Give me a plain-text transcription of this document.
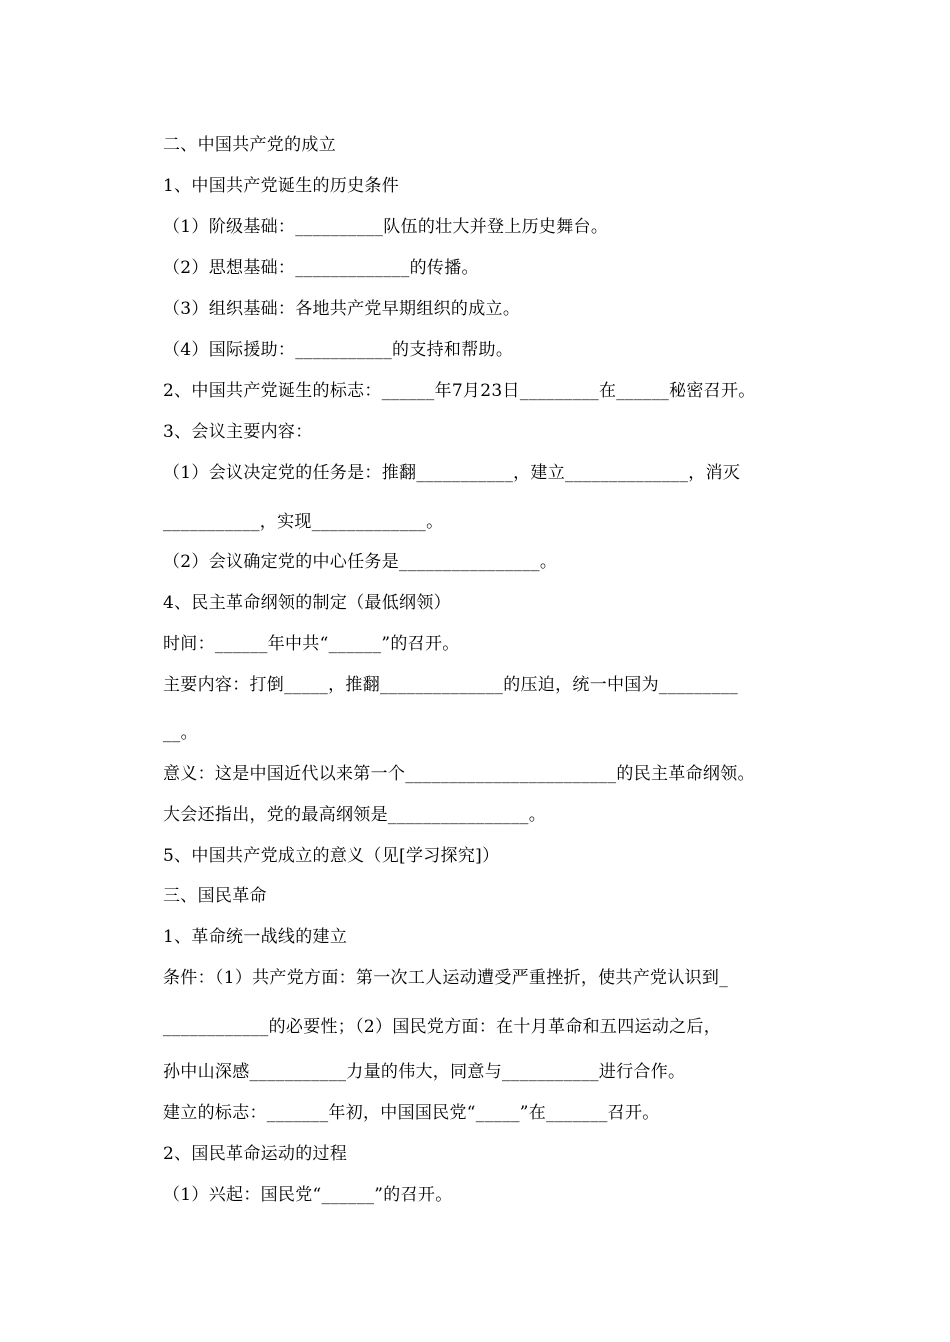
二、中国共产党的成立
1、中国共产党诞生的历史条件
（1）阶级基础：__________队伍的壮大并登上历史舞台。
（2）思想基础：_____________的传播。
（3）组织基础：各地共产党早期组织的成立。
（4）国际援助：___________的支持和帮助。
2、中国共产党诞生的标志：______年7月23日_________在______秘密召开。
3、会议主要内容：
（1）会议决定党的任务是：推翻___________，建立______________，消灭
___________，实现_____________。
（2）会议确定党的中心任务是________________。
4、民主革命纲领的制定（最低纲领）
时间：______年中共“______”的召开。
主要内容：打倒_____，推翻______________的压迫，统一中国为_________
__。
意义：这是中国近代以来第一个________________________的民主革命纲领。
大会还指出，党的最高纲领是________________。
5、中国共产党成立的意义（见[学习探究]）
三、国民革命
1、革命统一战线的建立
条件：（1）共产党方面：第一次工人运动遭受严重挫折，使共产党认识到_
____________的必要性；（2）国民党方面：在十月革命和五四运动之后，
孙中山深感___________力量的伟大，同意与___________进行合作。
建立的标志：_______年初，中国国民党“_____”在_______召开。
2、国民革命运动的过程
（1）兴起：国民党“______”的召开。
